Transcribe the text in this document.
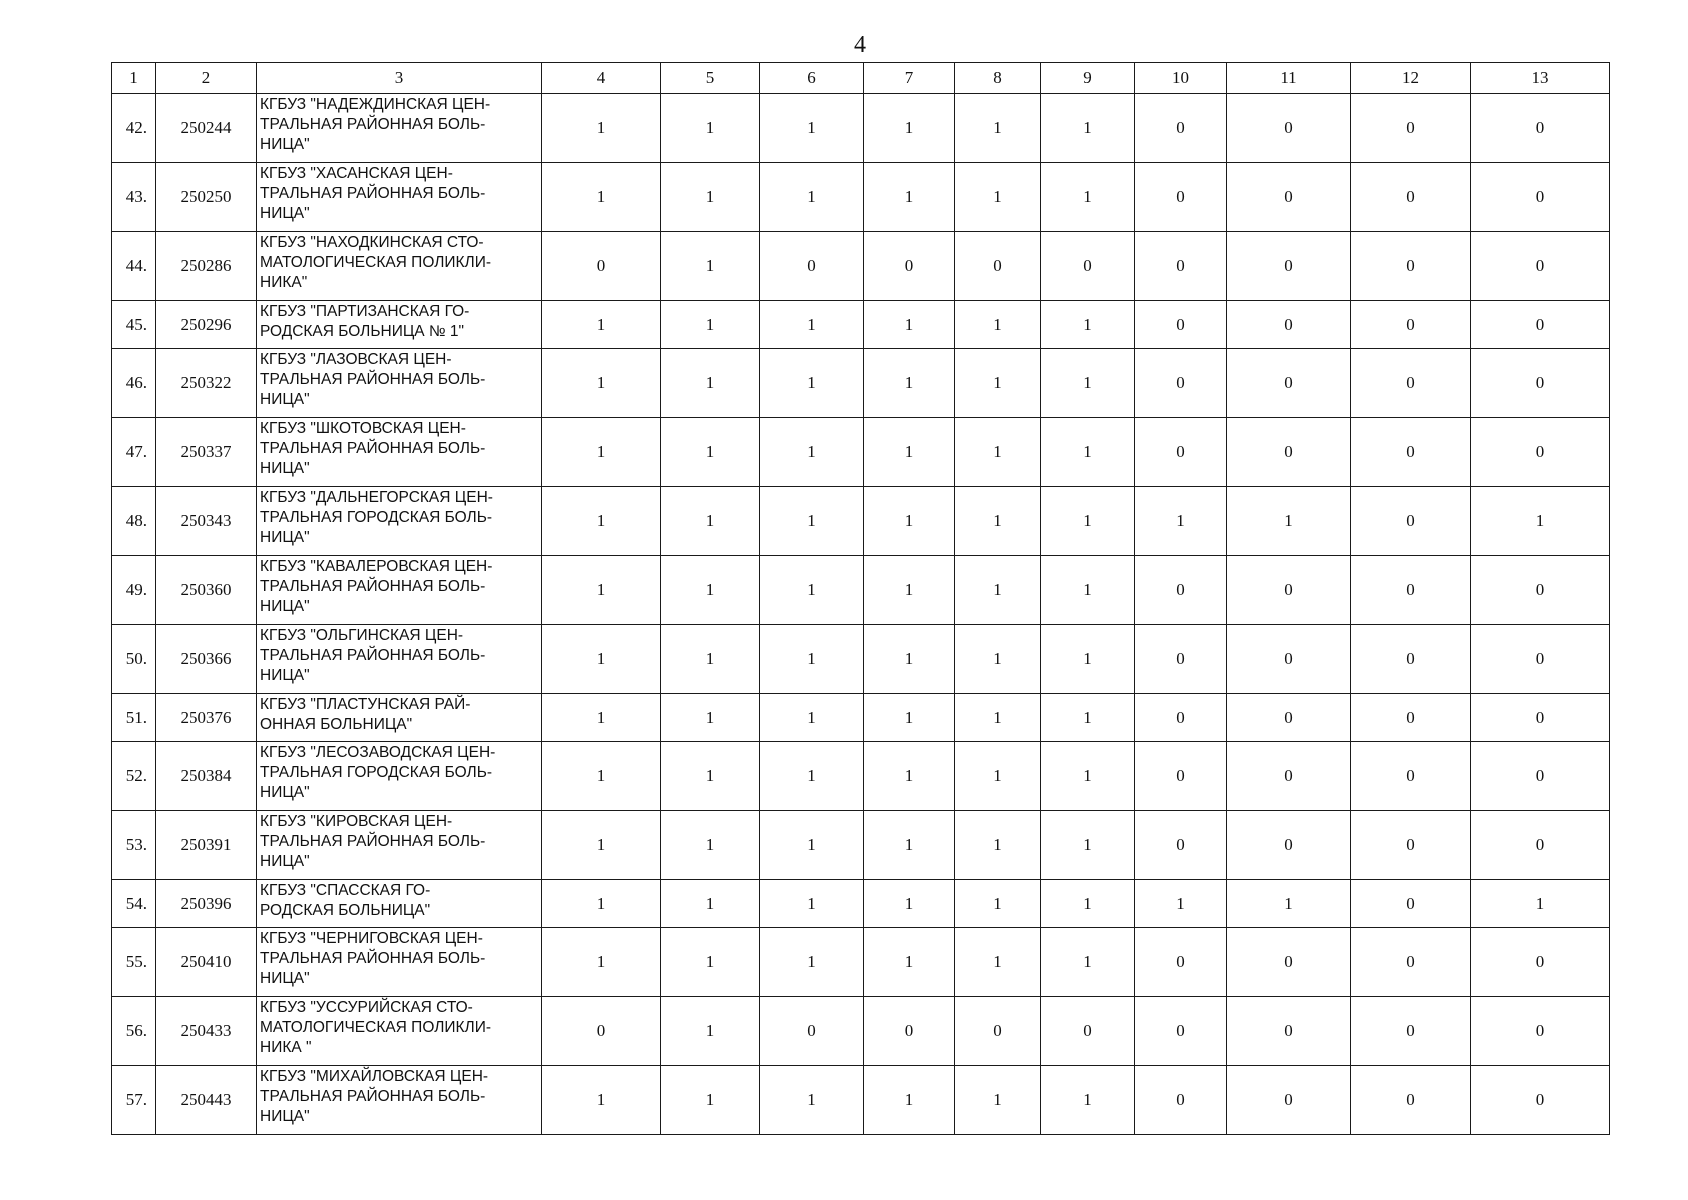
4
1	2	3	4	5	6	7	8	9	10	11	12	13
42.	250244	КГБУЗ "НАДЕЖДИНСКАЯ ЦЕН-
ТРАЛЬНАЯ РАЙОННАЯ БОЛЬ-
НИЦА"	1	1	1	1	1	1	0	0	0	0
43.	250250	КГБУЗ "ХАСАНСКАЯ ЦЕН-
ТРАЛЬНАЯ РАЙОННАЯ БОЛЬ-
НИЦА"	1	1	1	1	1	1	0	0	0	0
44.	250286	КГБУЗ "НАХОДКИНСКАЯ СТО-
МАТОЛОГИЧЕСКАЯ ПОЛИКЛИ-
НИКА"	0	1	0	0	0	0	0	0	0	0
45.	250296	КГБУЗ "ПАРТИЗАНСКАЯ ГО-
РОДСКАЯ БОЛЬНИЦА № 1"	1	1	1	1	1	1	0	0	0	0
46.	250322	КГБУЗ "ЛАЗОВСКАЯ ЦЕН-
ТРАЛЬНАЯ РАЙОННАЯ БОЛЬ-
НИЦА"	1	1	1	1	1	1	0	0	0	0
47.	250337	КГБУЗ "ШКОТОВСКАЯ ЦЕН-
ТРАЛЬНАЯ РАЙОННАЯ БОЛЬ-
НИЦА"	1	1	1	1	1	1	0	0	0	0
48.	250343	КГБУЗ "ДАЛЬНЕГОРСКАЯ ЦЕН-
ТРАЛЬНАЯ ГОРОДСКАЯ БОЛЬ-
НИЦА"	1	1	1	1	1	1	1	1	0	1
49.	250360	КГБУЗ "КАВАЛЕРОВСКАЯ ЦЕН-
ТРАЛЬНАЯ РАЙОННАЯ БОЛЬ-
НИЦА"	1	1	1	1	1	1	0	0	0	0
50.	250366	КГБУЗ "ОЛЬГИНСКАЯ ЦЕН-
ТРАЛЬНАЯ РАЙОННАЯ БОЛЬ-
НИЦА"	1	1	1	1	1	1	0	0	0	0
51.	250376	КГБУЗ "ПЛАСТУНСКАЯ РАЙ-
ОННАЯ БОЛЬНИЦА"	1	1	1	1	1	1	0	0	0	0
52.	250384	КГБУЗ "ЛЕСОЗАВОДСКАЯ ЦЕН-
ТРАЛЬНАЯ ГОРОДСКАЯ БОЛЬ-
НИЦА"	1	1	1	1	1	1	0	0	0	0
53.	250391	КГБУЗ "КИРОВСКАЯ ЦЕН-
ТРАЛЬНАЯ РАЙОННАЯ БОЛЬ-
НИЦА"	1	1	1	1	1	1	0	0	0	0
54.	250396	КГБУЗ "СПАССКАЯ ГО-
РОДСКАЯ БОЛЬНИЦА"	1	1	1	1	1	1	1	1	0	1
55.	250410	КГБУЗ "ЧЕРНИГОВСКАЯ ЦЕН-
ТРАЛЬНАЯ РАЙОННАЯ БОЛЬ-
НИЦА"	1	1	1	1	1	1	0	0	0	0
56.	250433	КГБУЗ "УССУРИЙСКАЯ СТО-
МАТОЛОГИЧЕСКАЯ ПОЛИКЛИ-
НИКА "	0	1	0	0	0	0	0	0	0	0
57.	250443	КГБУЗ "МИХАЙЛОВСКАЯ ЦЕН-
ТРАЛЬНАЯ РАЙОННАЯ БОЛЬ-
НИЦА"	1	1	1	1	1	1	0	0	0	0
